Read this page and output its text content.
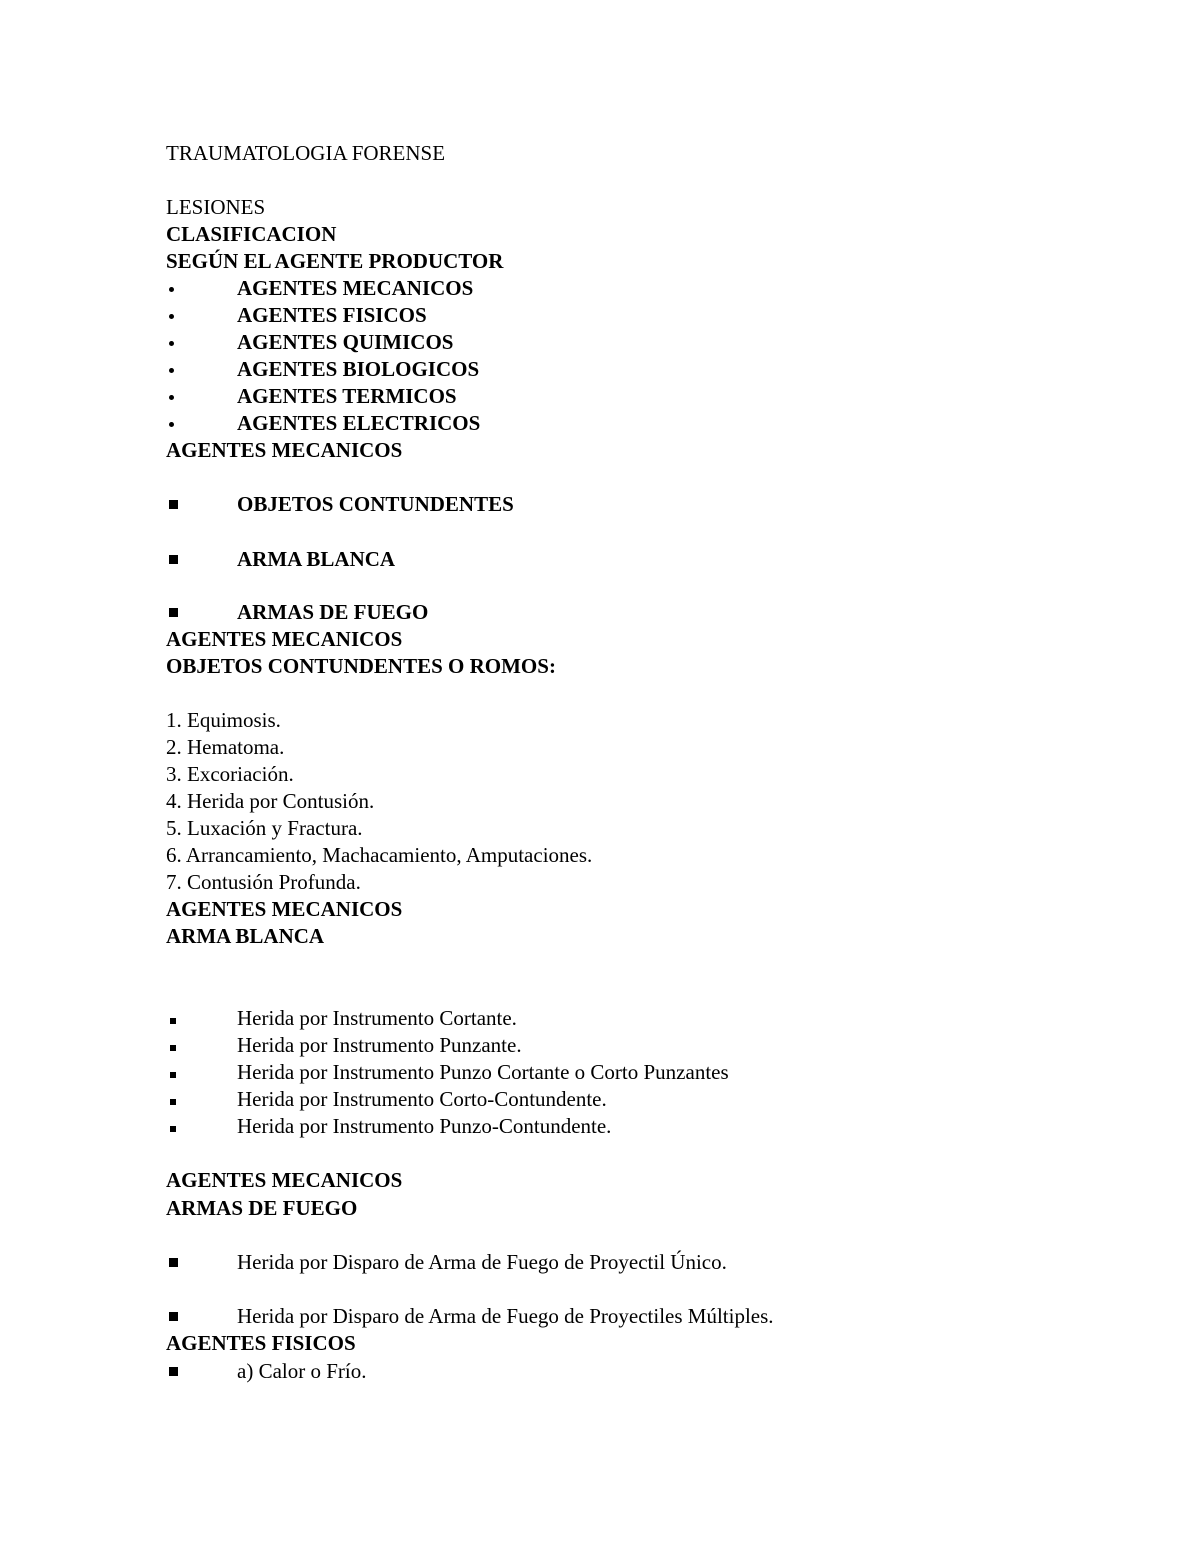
TRAUMATOLOGIA FORENSE
LESIONES
CLASIFICACION
SEGÚN EL AGENTE PRODUCTOR
AGENTES MECANICOS
AGENTES FISICOS
AGENTES QUIMICOS
AGENTES BIOLOGICOS
AGENTES TERMICOS
AGENTES ELECTRICOS
AGENTES MECANICOS
OBJETOS CONTUNDENTES
ARMA BLANCA
ARMAS DE FUEGO
AGENTES MECANICOS
OBJETOS CONTUNDENTES O ROMOS:
1. Equimosis.
2. Hematoma.
3. Excoriación.
4. Herida por Contusión.
5. Luxación y Fractura.
6. Arrancamiento, Machacamiento, Amputaciones.
7. Contusión Profunda.
AGENTES MECANICOS
ARMA BLANCA
Herida por Instrumento Cortante.
Herida por Instrumento Punzante.
Herida por Instrumento Punzo Cortante o Corto Punzantes
Herida por Instrumento Corto-Contundente.
Herida por Instrumento Punzo-Contundente.
AGENTES MECANICOS
ARMAS DE FUEGO
Herida por Disparo de Arma de Fuego de Proyectil Único.
Herida por Disparo de Arma de Fuego de Proyectiles Múltiples.
AGENTES FISICOS
a) Calor o Frío.
